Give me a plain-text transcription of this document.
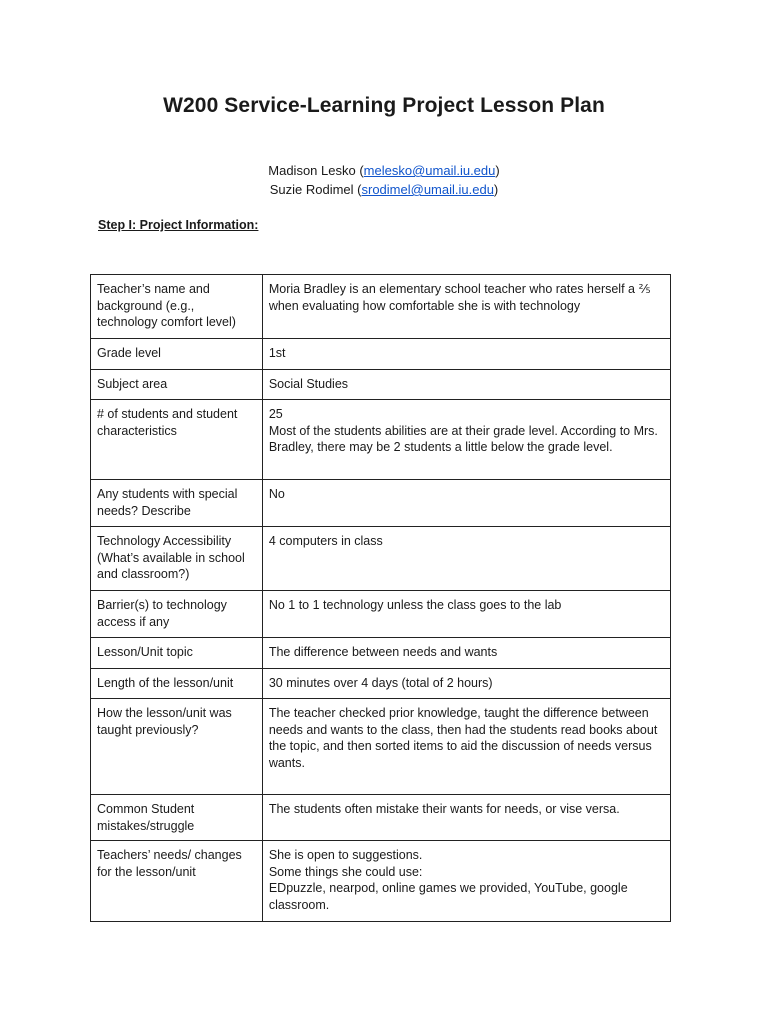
W200 Service-Learning Project Lesson Plan
Madison Lesko (melesko@umail.iu.edu)
Suzie Rodimel (srodimel@umail.iu.edu)
Step I: Project Information:
Teacher’s name and background (e.g., technology comfort level)	Moria Bradley is an elementary school teacher who rates herself a ⅖ when evaluating how comfortable she is with technology

Grade level	1st

Subject area	Social Studies

# of students and student characteristics	25
Most of the students abilities are at their grade level. According to Mrs. Bradley, there may be 2 students a little below the grade level.

Any students with special needs? Describe	No

Technology Accessibility (What’s available in school and classroom?)	4 computers in class

Barrier(s) to technology access if any	No 1 to 1 technology unless the class goes to the lab

Lesson/Unit topic	The difference between needs and wants

Length of the lesson/unit	30 minutes over 4 days (total of 2 hours)

How the lesson/unit was taught previously?	The teacher checked prior knowledge, taught the difference between needs and wants to the class, then had the students read books about the topic, and then sorted items to aid the discussion of needs versus wants.

Common Student mistakes/struggle	The students often mistake their wants for needs, or vise versa.

Teachers’ needs/ changes for the lesson/unit	She is open to suggestions.
Some things she could use:
EDpuzzle, nearpod, online games we provided, YouTube, google classroom.
